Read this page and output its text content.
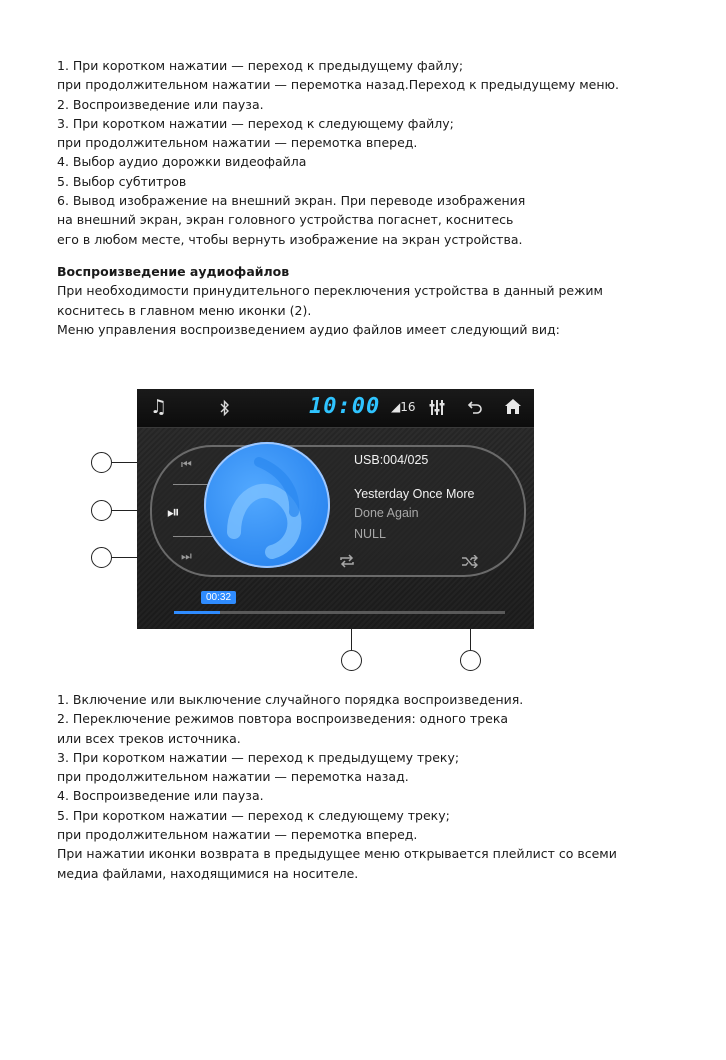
1. При коротком нажатии — переход к предыдущему файлу;

при продолжительном нажатии — перемотка назад.Переход к предыдущему меню.

2. Воспроизведение или пауза.

3. При коротком нажатии — переход к следующему файлу;

при продолжительном нажатии — перемотка вперед.

4. Выбор аудио дорожки видеофайла

5. Выбор субтитров

6. Вывод изображение на внешний экран. При переводе изображения

на внешний экран, экран головного устройства погаснет, коснитесь

его в любом месте, чтобы вернуть изображение на экран устройства.

Воспроизведение аудиофайлов

При необходимости принудительного переключения устройства в данный режим

коснитесь в главном меню иконки (2).

Меню управления воспроизведением аудио файлов имеет следующий вид:

♫	10:00 ◢16
⏮
⏯
⏭
USB:004/025
Yesterday Once More
Done Again
NULL
00:32

1. Включение или выключение случайного порядка воспроизведения.

2. Переключение режимов повтора воспроизведения: одного трека

или всех треков источника.

3. При коротком нажатии — переход к предыдущему треку;

при продолжительном нажатии — перемотка назад.

4. Воспроизведение или пауза.

5. При коротком нажатии — переход к следующему треку;

при продолжительном нажатии — перемотка вперед.

При нажатии иконки возврата в предыдущее меню открывается плейлист со всеми

медиа файлами, находящимися на носителе.
